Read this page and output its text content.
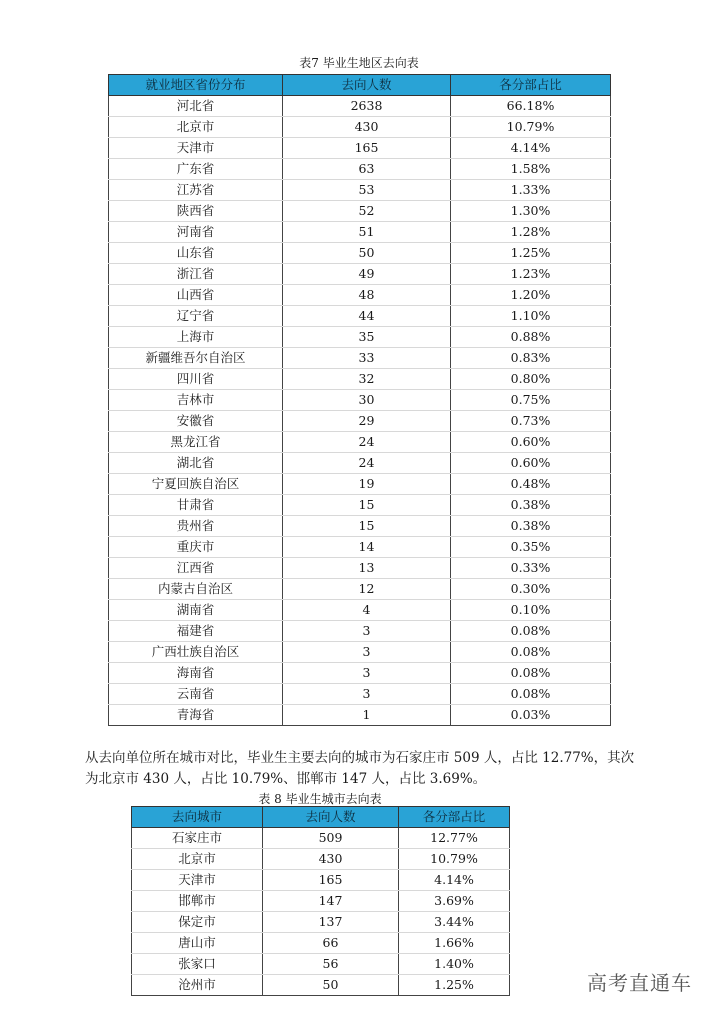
表7 毕业生地区去向表
就业地区省份分布	去向人数	各分部占比
河北省	2638	66.18%
北京市	430	10.79%
天津市	165	4.14%
广东省	63	1.58%
江苏省	53	1.33%
陕西省	52	1.30%
河南省	51	1.28%
山东省	50	1.25%
浙江省	49	1.23%
山西省	48	1.20%
辽宁省	44	1.10%
上海市	35	0.88%
新疆维吾尔自治区	33	0.83%
四川省	32	0.80%
吉林市	30	0.75%
安徽省	29	0.73%
黑龙江省	24	0.60%
湖北省	24	0.60%
宁夏回族自治区	19	0.48%
甘肃省	15	0.38%
贵州省	15	0.38%
重庆市	14	0.35%
江西省	13	0.33%
内蒙古自治区	12	0.30%
湖南省	4	0.10%
福建省	3	0.08%
广西壮族自治区	3	0.08%
海南省	3	0.08%
云南省	3	0.08%
青海省	1	0.03%
从去向单位所在城市对比，毕业生主要去向的城市为石家庄市 509 人，占比 12.77%，其次为北京市 430 人，占比 10.79%、邯郸市 147 人，占比 3.69%。
表 8 毕业生城市去向表
去向城市	去向人数	各分部占比
石家庄市	509	12.77%
北京市	430	10.79%
天津市	165	4.14%
邯郸市	147	3.69%
保定市	137	3.44%
唐山市	66	1.66%
张家口	56	1.40%
沧州市	50	1.25%	高考直通车
